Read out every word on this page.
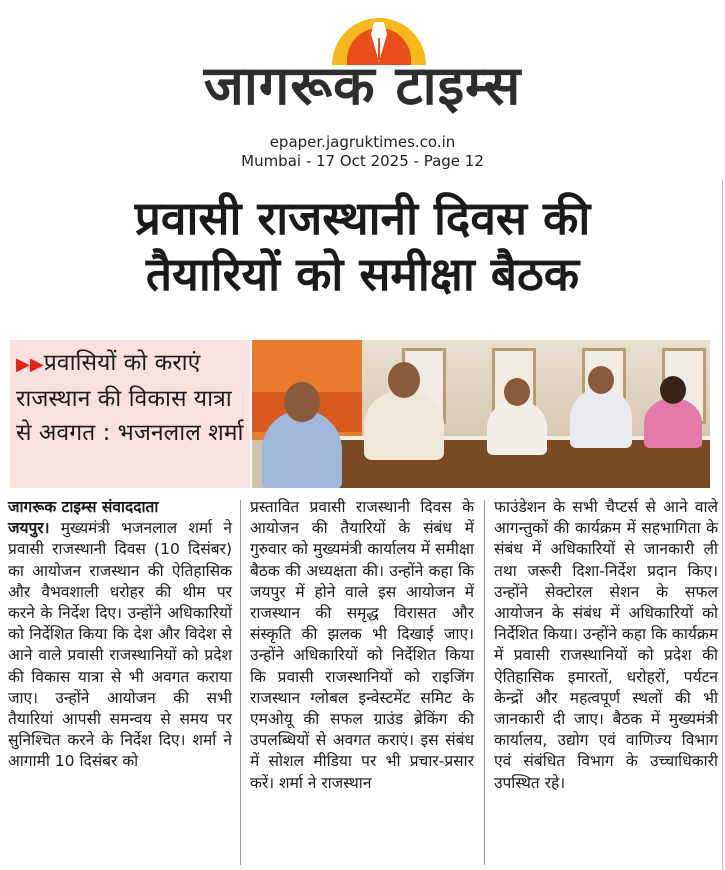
जागरूक टाइम्स
epaper.jagruktimes.co.in
Mumbai - 17 Oct 2025 - Page 12
प्रवासी राजस्थानी दिवस की
तैयारियों को समीक्षा बैठक
▶▶प्रवासियों को कराएं राजस्थान की विकास यात्रा से अवगत : भजनलाल शर्मा
जागरूक टाइम्स संवाददाता
जयपुर। मुख्यमंत्री भजनलाल शर्मा ने प्रवासी राजस्थानी दिवस (10 दिसंबर) का आयोजन राजस्थान की ऐतिहासिक और वैभवशाली धरोहर की थीम पर करने के निर्देश दिए। उन्होंने अधिकारियों को निर्देशित किया कि देश और विदेश से आने वाले प्रवासी राजस्थानियों को प्रदेश की विकास यात्रा से भी अवगत कराया जाए। उन्होंने आयोजन की सभी तैयारियां आपसी समन्वय से समय पर सुनिश्चित करने के निर्देश दिए। शर्मा ने आगामी 10 दिसंबर को
प्रस्तावित प्रवासी राजस्थानी दिवस के आयोजन की तैयारियों के संबंध में गुरुवार को मुख्यमंत्री कार्यालय में समीक्षा बैठक की अध्यक्षता की। उन्होंने कहा कि जयपुर में होने वाले इस आयोजन में राजस्थान की समृद्ध विरासत और संस्कृति की झलक भी दिखाई जाए। उन्होंने अधिकारियों को निर्देशित किया कि प्रवासी राजस्थानियों को राइजिंग राजस्थान ग्लोबल इन्वेस्टमेंट समिट के एमओयू की सफल ग्राउंड ब्रेकिंग की उपलब्धियों से अवगत कराएं। इस संबंध में सोशल मीडिया पर भी प्रचार-प्रसार करें। शर्मा ने राजस्थान
फाउंडेशन के सभी चैप्टर्स से आने वाले आगन्तुकों की कार्यक्रम में सहभागिता के संबंध में अधिकारियों से जानकारी ली तथा जरूरी दिशा-निर्देश प्रदान किए। उन्होंने सेक्टोरल सेशन के सफल आयोजन के संबंध में अधिकारियों को निर्देशित किया। उन्होंने कहा कि कार्यक्रम में प्रवासी राजस्थानियों को प्रदेश की ऐतिहासिक इमारतों, धरोहरों, पर्यटन केन्द्रों और महत्वपूर्ण स्थलों की भी जानकारी दी जाए। बैठक में मुख्यमंत्री कार्यालय, उद्योग एवं वाणिज्य विभाग एवं संबंधित विभाग के उच्चाधिकारी उपस्थित रहे।
